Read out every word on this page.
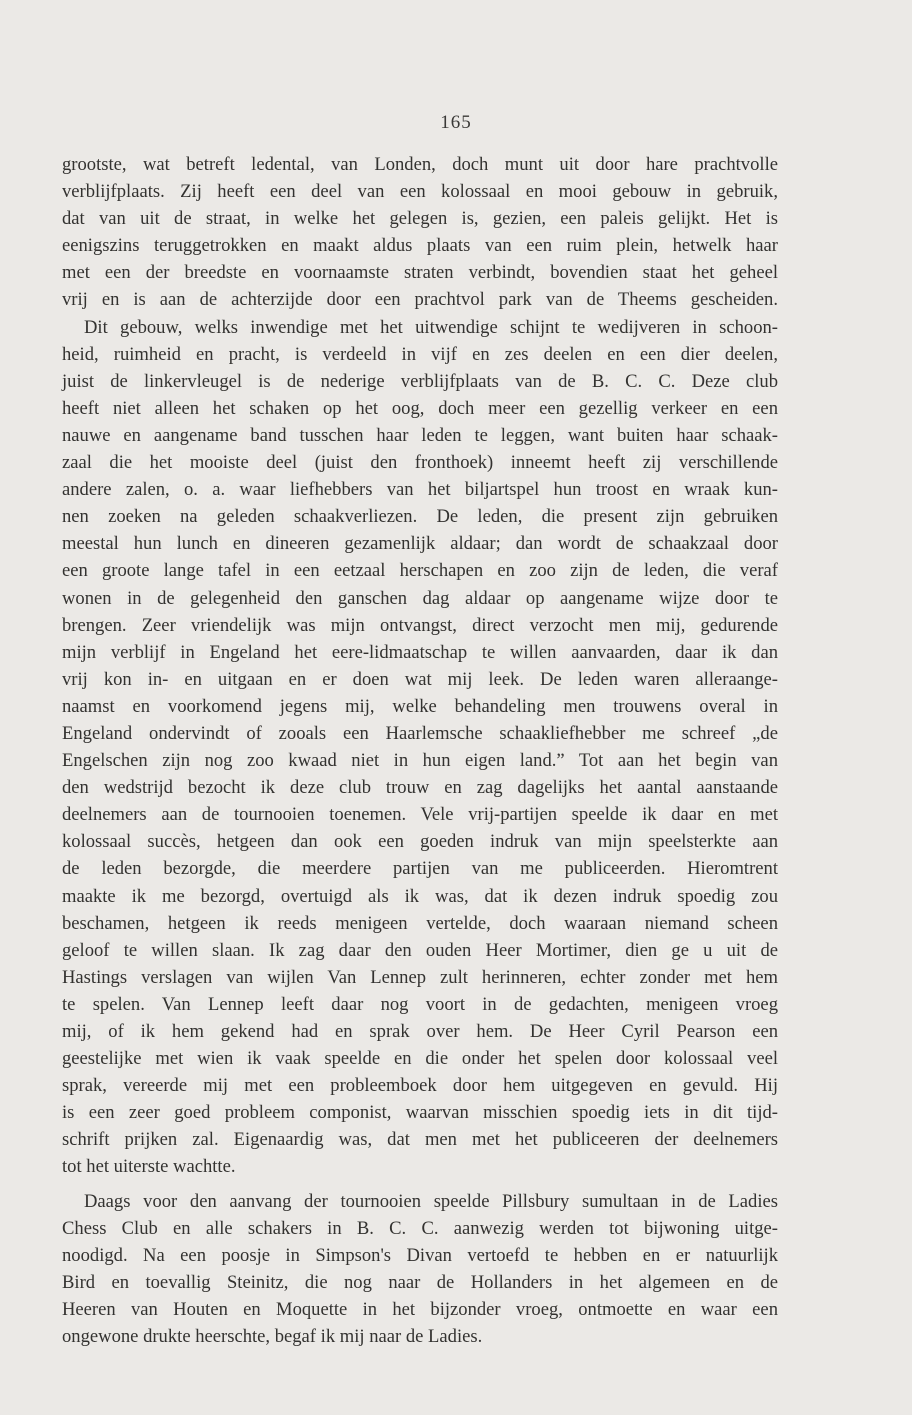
165
grootste, wat betreft ledental, van Londen, doch munt uit door hare prachtvolle
verblijfplaats. Zij heeft een deel van een kolossaal en mooi gebouw in gebruik,
dat van uit de straat, in welke het gelegen is, gezien, een paleis gelijkt. Het is
eenigszins teruggetrokken en maakt aldus plaats van een ruim plein, hetwelk haar
met een der breedste en voornaamste straten verbindt, bovendien staat het geheel
vrij en is aan de achterzijde door een prachtvol park van de Theems gescheiden.
Dit gebouw, welks inwendige met het uitwendige schijnt te wedijveren in schoon-
heid, ruimheid en pracht, is verdeeld in vijf en zes deelen en een dier deelen,
juist de linkervleugel is de nederige verblijfplaats van de B. C. C. Deze club
heeft niet alleen het schaken op het oog, doch meer een gezellig verkeer en een
nauwe en aangename band tusschen haar leden te leggen, want buiten haar schaak-
zaal die het mooiste deel (juist den fronthoek) inneemt heeft zij verschillende
andere zalen, o. a. waar liefhebbers van het biljartspel hun troost en wraak kun-
nen zoeken na geleden schaakverliezen. De leden, die present zijn gebruiken
meestal hun lunch en dineeren gezamenlijk aldaar; dan wordt de schaakzaal door
een groote lange tafel in een eetzaal herschapen en zoo zijn de leden, die veraf
wonen in de gelegenheid den ganschen dag aldaar op aangename wijze door te
brengen. Zeer vriendelijk was mijn ontvangst, direct verzocht men mij, gedurende
mijn verblijf in Engeland het eere-lidmaatschap te willen aanvaarden, daar ik dan
vrij kon in- en uitgaan en er doen wat mij leek. De leden waren alleraange-
naamst en voorkomend jegens mij, welke behandeling men trouwens overal in
Engeland ondervindt of zooals een Haarlemsche schaakliefhebber me schreef „de
Engelschen zijn nog zoo kwaad niet in hun eigen land.” Tot aan het begin van
den wedstrijd bezocht ik deze club trouw en zag dagelijks het aantal aanstaande
deelnemers aan de tournooien toenemen. Vele vrij-partijen speelde ik daar en met
kolossaal succès, hetgeen dan ook een goeden indruk van mijn speelsterkte aan
de leden bezorgde, die meerdere partijen van me publiceerden. Hieromtrent
maakte ik me bezorgd, overtuigd als ik was, dat ik dezen indruk spoedig zou
beschamen, hetgeen ik reeds menigeen vertelde, doch waaraan niemand scheen
geloof te willen slaan. Ik zag daar den ouden Heer Mortimer, dien ge u uit de
Hastings verslagen van wijlen Van Lennep zult herinneren, echter zonder met hem
te spelen. Van Lennep leeft daar nog voort in de gedachten, menigeen vroeg
mij, of ik hem gekend had en sprak over hem. De Heer Cyril Pearson een
geestelijke met wien ik vaak speelde en die onder het spelen door kolossaal veel
sprak, vereerde mij met een probleemboek door hem uitgegeven en gevuld. Hij
is een zeer goed probleem componist, waarvan misschien spoedig iets in dit tijd-
schrift prijken zal. Eigenaardig was, dat men met het publiceeren der deelnemers
tot het uiterste wachtte.
Daags voor den aanvang der tournooien speelde Pillsbury sumultaan in de Ladies
Chess Club en alle schakers in B. C. C. aanwezig werden tot bijwoning uitge-
noodigd. Na een poosje in Simpson's Divan vertoefd te hebben en er natuurlijk
Bird en toevallig Steinitz, die nog naar de Hollanders in het algemeen en de
Heeren van Houten en Moquette in het bijzonder vroeg, ontmoette en waar een
ongewone drukte heerschte, begaf ik mij naar de Ladies.
